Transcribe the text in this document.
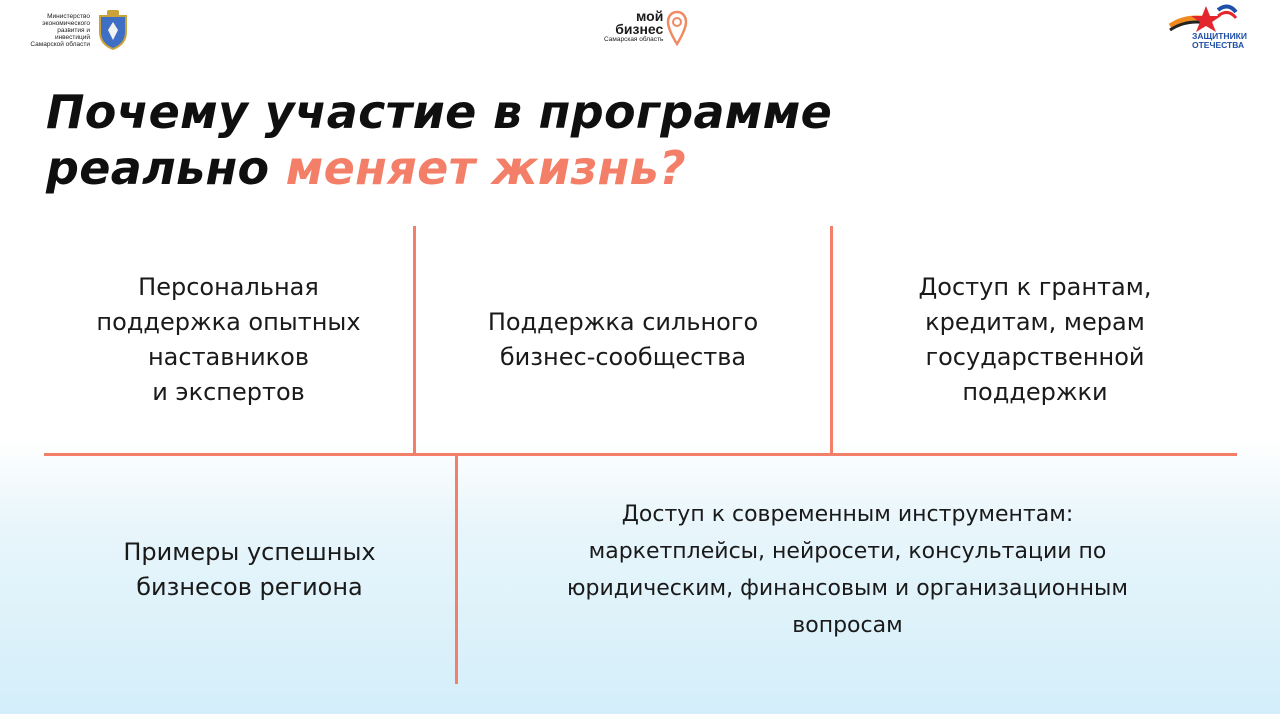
Министерство
экономического
развития и инвестиций
Самарской области
мой
бизнес
Самарская область	ЗАЩИТНИКИ
ОТЕЧЕСТВА
Почему участие в программе
реально меняет жизнь?
Персональная
поддержка опытных
наставников
и экспертов
Поддержка сильного
бизнес-сообщества
Доступ к грантам,
кредитам, мерам
государственной
поддержки
Примеры успешных
бизнесов региона
Доступ к современным инструментам:
маркетплейсы, нейросети, консультации по
юридическим, финансовым и организационным
вопросам
